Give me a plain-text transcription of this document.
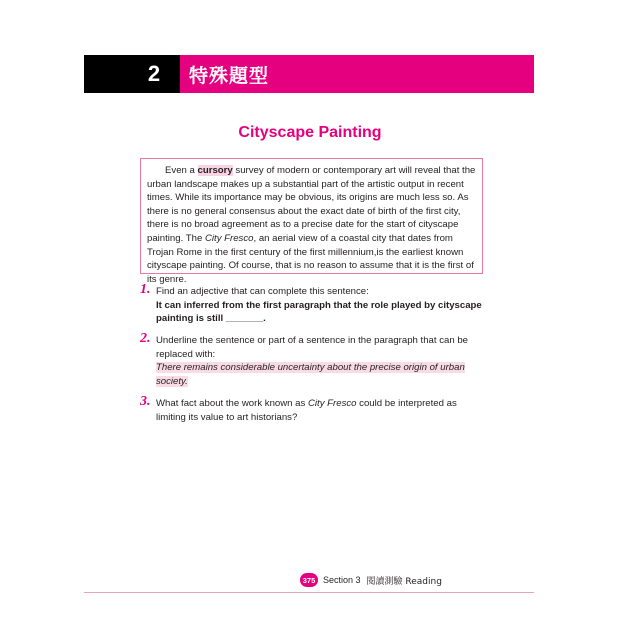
2	特殊題型
Cityscape Painting

Even a cursory survey of modern or contemporary art will reveal that the urban landscape makes up a substantial part of the artistic output in recent times. While its importance may be obvious, its origins are much less so. As there is no general consensus about the exact date of birth of the first city, there is no broad agreement as to a precise date for the start of cityscape painting. The City Fresco, an aerial view of a coastal city that dates from Trojan Rome in the first century of the first millennium,is the earliest known cityscape painting. Of course, that is no reason to assume that it is the first of its genre.

1. Find an adjective that can complete this sentence:
It can inferred from the first paragraph that the role played by cityscape painting is still _______.
2. Underline the sentence or part of a sentence in the paragraph that can be replaced with:
There remains considerable uncertainty about the precise origin of urban society.
3. What fact about the work known as City Fresco could be interpreted as limiting its value to art historians?
375 Section 3 閱讀測驗 Reading
